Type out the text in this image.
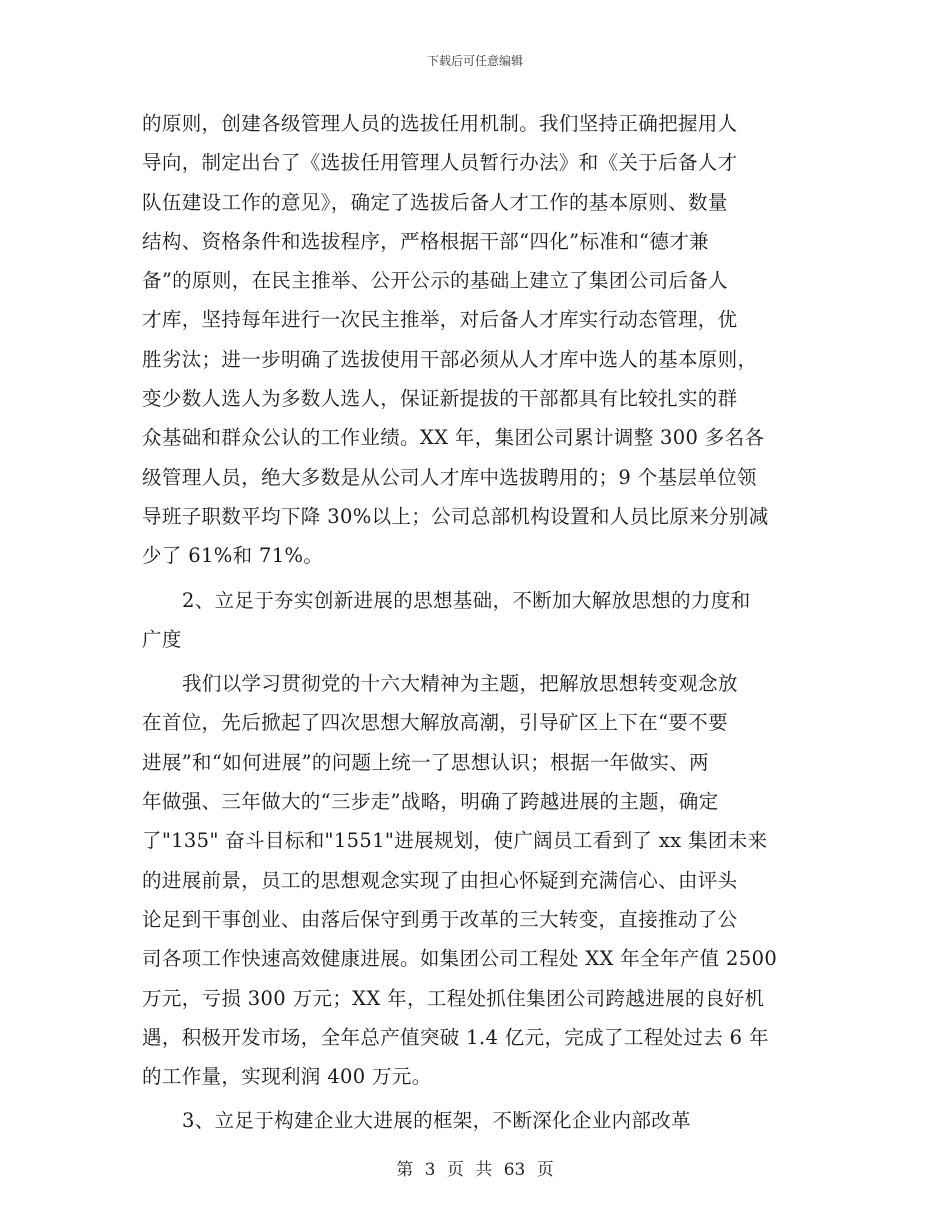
下载后可任意编辑
的原则，创建各级管理人员的选拔任用机制。我们坚持正确把握用人
导向，制定出台了《选拔任用管理人员暂行办法》和《关于后备人才
队伍建设工作的意见》，确定了选拔后备人才工作的基本原则、数量
结构、资格条件和选拔程序，严格根据干部“四化”标准和“德才兼
备”的原则，在民主推举、公开公示的基础上建立了集团公司后备人
才库，坚持每年进行一次民主推举，对后备人才库实行动态管理，优
胜劣汰；进一步明确了选拔使用干部必须从人才库中选人的基本原则，
变少数人选人为多数人选人，保证新提拔的干部都具有比较扎实的群
众基础和群众公认的工作业绩。XX 年，集团公司累计调整 300 多名各
级管理人员，绝大多数是从公司人才库中选拔聘用的；9 个基层单位领
导班子职数平均下降 30%以上；公司总部机构设置和人员比原来分别减
少了 61%和 71%。
2、立足于夯实创新进展的思想基础，不断加大解放思想的力度和
广度
我们以学习贯彻党的十六大精神为主题，把解放思想转变观念放
在首位，先后掀起了四次思想大解放高潮，引导矿区上下在“要不要
进展”和“如何进展”的问题上统一了思想认识；根据一年做实、两
年做强、三年做大的“三步走”战略，明确了跨越进展的主题，确定
了"135" 奋斗目标和"1551"进展规划，使广阔员工看到了 xx 集团未来
的进展前景，员工的思想观念实现了由担心怀疑到充满信心、由评头
论足到干事创业、由落后保守到勇于改革的三大转变，直接推动了公
司各项工作快速高效健康进展。如集团公司工程处 XX 年全年产值 2500
万元，亏损 300 万元；XX 年，工程处抓住集团公司跨越进展的良好机
遇，积极开发市场，全年总产值突破 1.4 亿元，完成了工程处过去 6 年
的工作量，实现利润 400 万元。
3、立足于构建企业大进展的框架，不断深化企业内部改革
第 3 页 共 63 页
